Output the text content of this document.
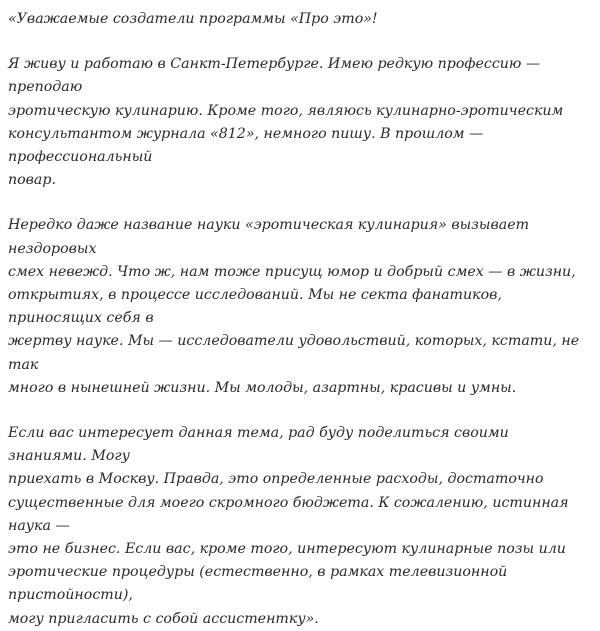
«Уважаемые создатели программы «Про это»!

Я живу и работаю в Санкт-Петербурге. Имею редкую профессию — преподаю
эротическую кулинарию. Кроме того, являюсь кулинарно-эротическим
консультантом журнала «812», немного пишу. В прошлом — профессиональный
повар.

Нередко даже название науки «эротическая кулинария» вызывает нездоровых
смех невежд. Что ж, нам тоже присущ юмор и добрый смех — в жизни,
открытиях, в процессе исследований. Мы не секта фанатиков, приносящих себя в
жертву науке. Мы — исследователи удовольствий, которых, кстати, не так
много в нынешней жизни. Мы молоды, азартны, красивы и умны.

Если вас интересует данная тема, рад буду поделиться своими знаниями. Могу
приехать в Москву. Правда, это определенные расходы, достаточно
существенные для моего скромного бюджета. К сожалению, истинная наука —
это не бизнес. Если вас, кроме того, интересуют кулинарные позы или
эротические процедуры (естественно, в рамках телевизионной пристойности),
могу пригласить с собой ассистентку».
